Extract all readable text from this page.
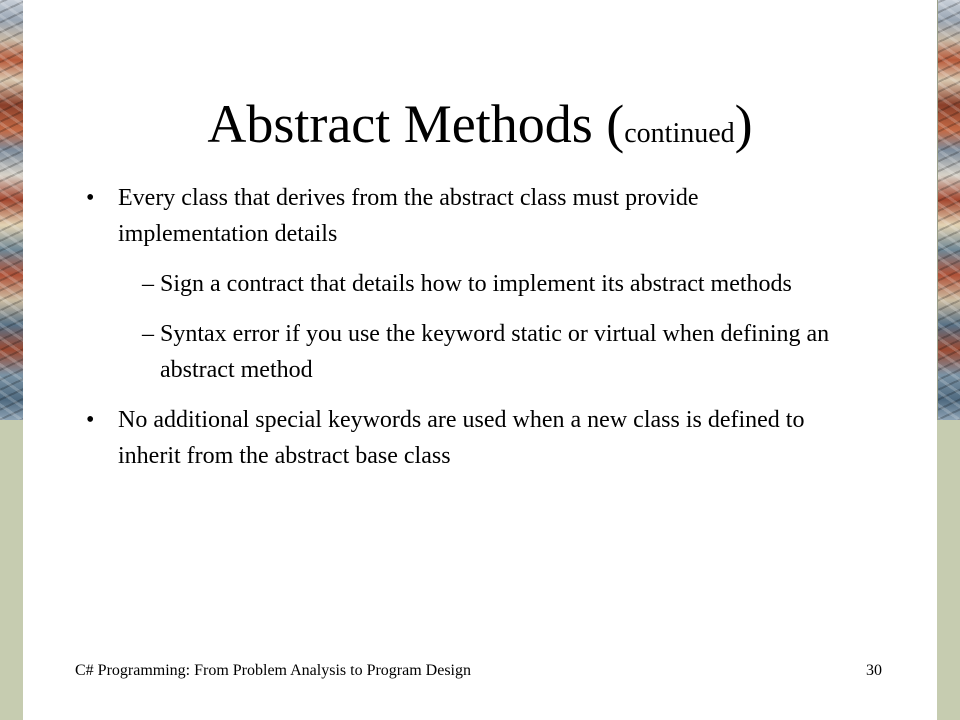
Abstract Methods (continued)
• Every class that derives from the abstract class must provide implementation details
– Sign a contract that details how to implement its abstract methods
– Syntax error if you use the keyword static or virtual when defining an abstract method
• No additional special keywords are used when a new class is defined to inherit from the abstract base class
C# Programming: From Problem Analysis to Program Design	30
